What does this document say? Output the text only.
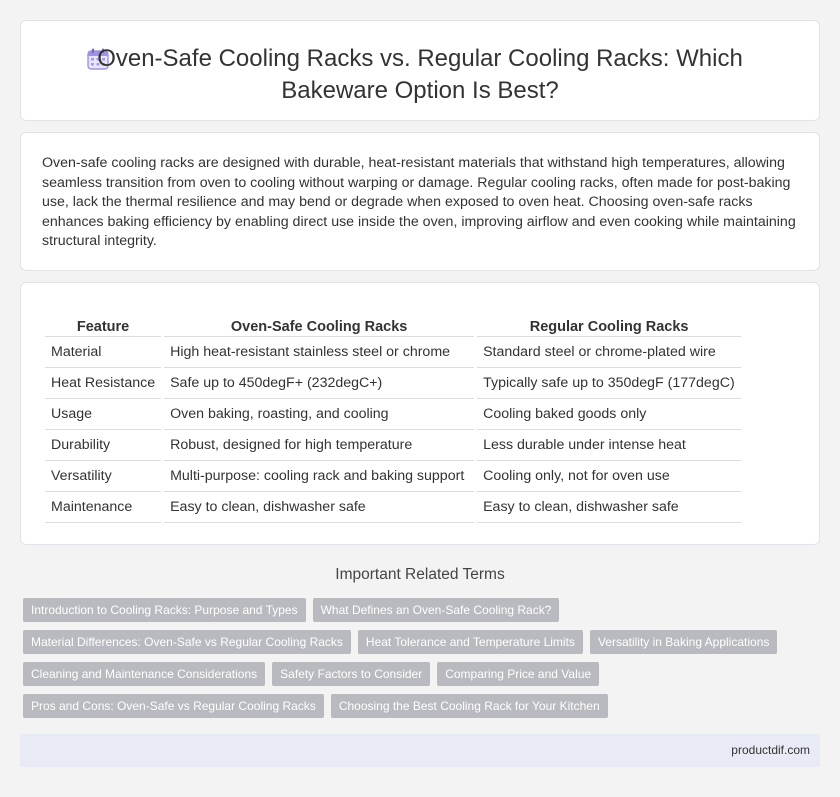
Oven-Safe Cooling Racks vs. Regular Cooling Racks: Which
Bakeware Option Is Best?

Oven-safe cooling racks are designed with durable, heat-resistant materials that withstand high temperatures, allowing seamless transition from oven to cooling without warping or damage. Regular cooling racks, often made for post-baking use, lack the thermal resilience and may bend or degrade when exposed to oven heat. Choosing oven-safe racks enhances baking efficiency by enabling direct use inside the oven, improving airflow and even cooking while maintaining structural integrity.

Feature	Oven-Safe Cooling Racks	Regular Cooling Racks
Material	High heat-resistant stainless steel or chrome	Standard steel or chrome-plated wire
Heat Resistance	Safe up to 450degF+ (232degC+)	Typically safe up to 350degF (177degC)
Usage	Oven baking, roasting, and cooling	Cooling baked goods only
Durability	Robust, designed for high temperature	Less durable under intense heat
Versatility	Multi-purpose: cooling rack and baking support	Cooling only, not for oven use
Maintenance	Easy to clean, dishwasher safe	Easy to clean, dishwasher safe
Important Related Terms
Introduction to Cooling Racks: Purpose and Types	What Defines an Oven-Safe Cooling Rack?
Material Differences: Oven-Safe vs Regular Cooling Racks	Heat Tolerance and Temperature Limits	Versatility in Baking Applications
Cleaning and Maintenance Considerations	Safety Factors to Consider	Comparing Price and Value
Pros and Cons: Oven-Safe vs Regular Cooling Racks	Choosing the Best Cooling Rack for Your Kitchen
productdif.com
